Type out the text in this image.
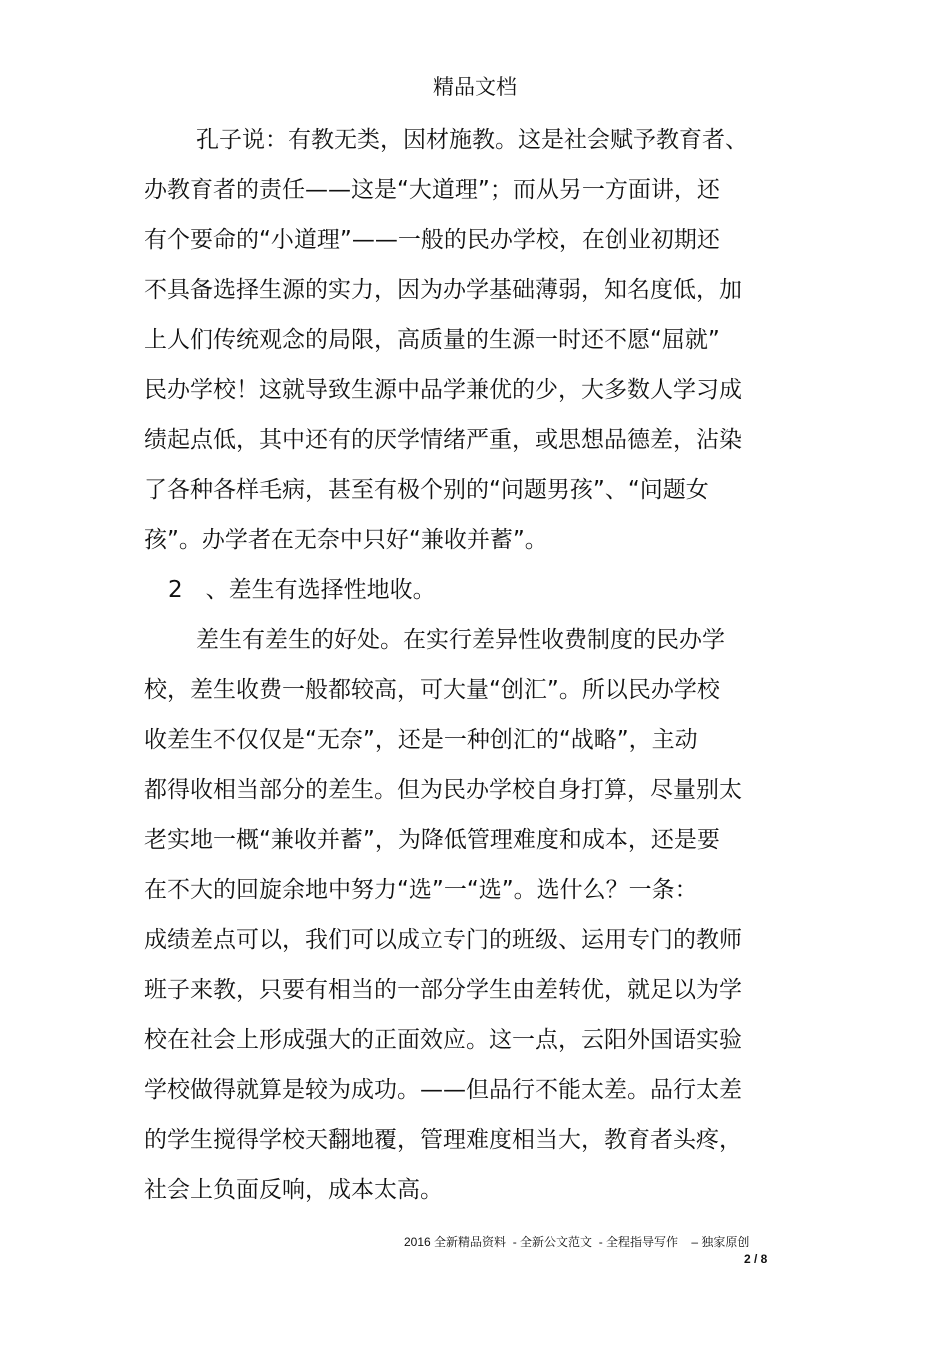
精品文档
孔子说：有教无类，因材施教。这是社会赋予教育者、
办教育者的责任——这是“大道理”；而从另一方面讲，还
有个要命的“小道理”——一般的民办学校，在创业初期还
不具备选择生源的实力，因为办学基础薄弱，知名度低，加
上人们传统观念的局限，高质量的生源一时还不愿“屈就”
民办学校！这就导致生源中品学兼优的少，大多数人学习成
绩起点低，其中还有的厌学情绪严重，或思想品德差，沾染
了各种各样毛病，甚至有极个别的“问题男孩”、“问题女
孩”。办学者在无奈中只好“兼收并蓄”。
2　、差生有选择性地收。
差生有差生的好处。在实行差异性收费制度的民办学
校，差生收费一般都较高，可大量“创汇”。所以民办学校
收差生不仅仅是“无奈”，还是一种创汇的“战略”，主动
都得收相当部分的差生。但为民办学校自身打算，尽量别太
老实地一概“兼收并蓄”，为降低管理难度和成本，还是要
在不大的回旋余地中努力“选”一“选”。选什么？一条：
成绩差点可以，我们可以成立专门的班级、运用专门的教师
班子来教，只要有相当的一部分学生由差转优，就足以为学
校在社会上形成强大的正面效应。这一点，云阳外国语实验
学校做得就算是较为成功。——但品行不能太差。品行太差
的学生搅得学校天翻地覆，管理难度相当大，教育者头疼，
社会上负面反响，成本太高。
2016 全新精品资料  - 全新公文范文  - 全程指导写作    – 独家原创
2 / 8
